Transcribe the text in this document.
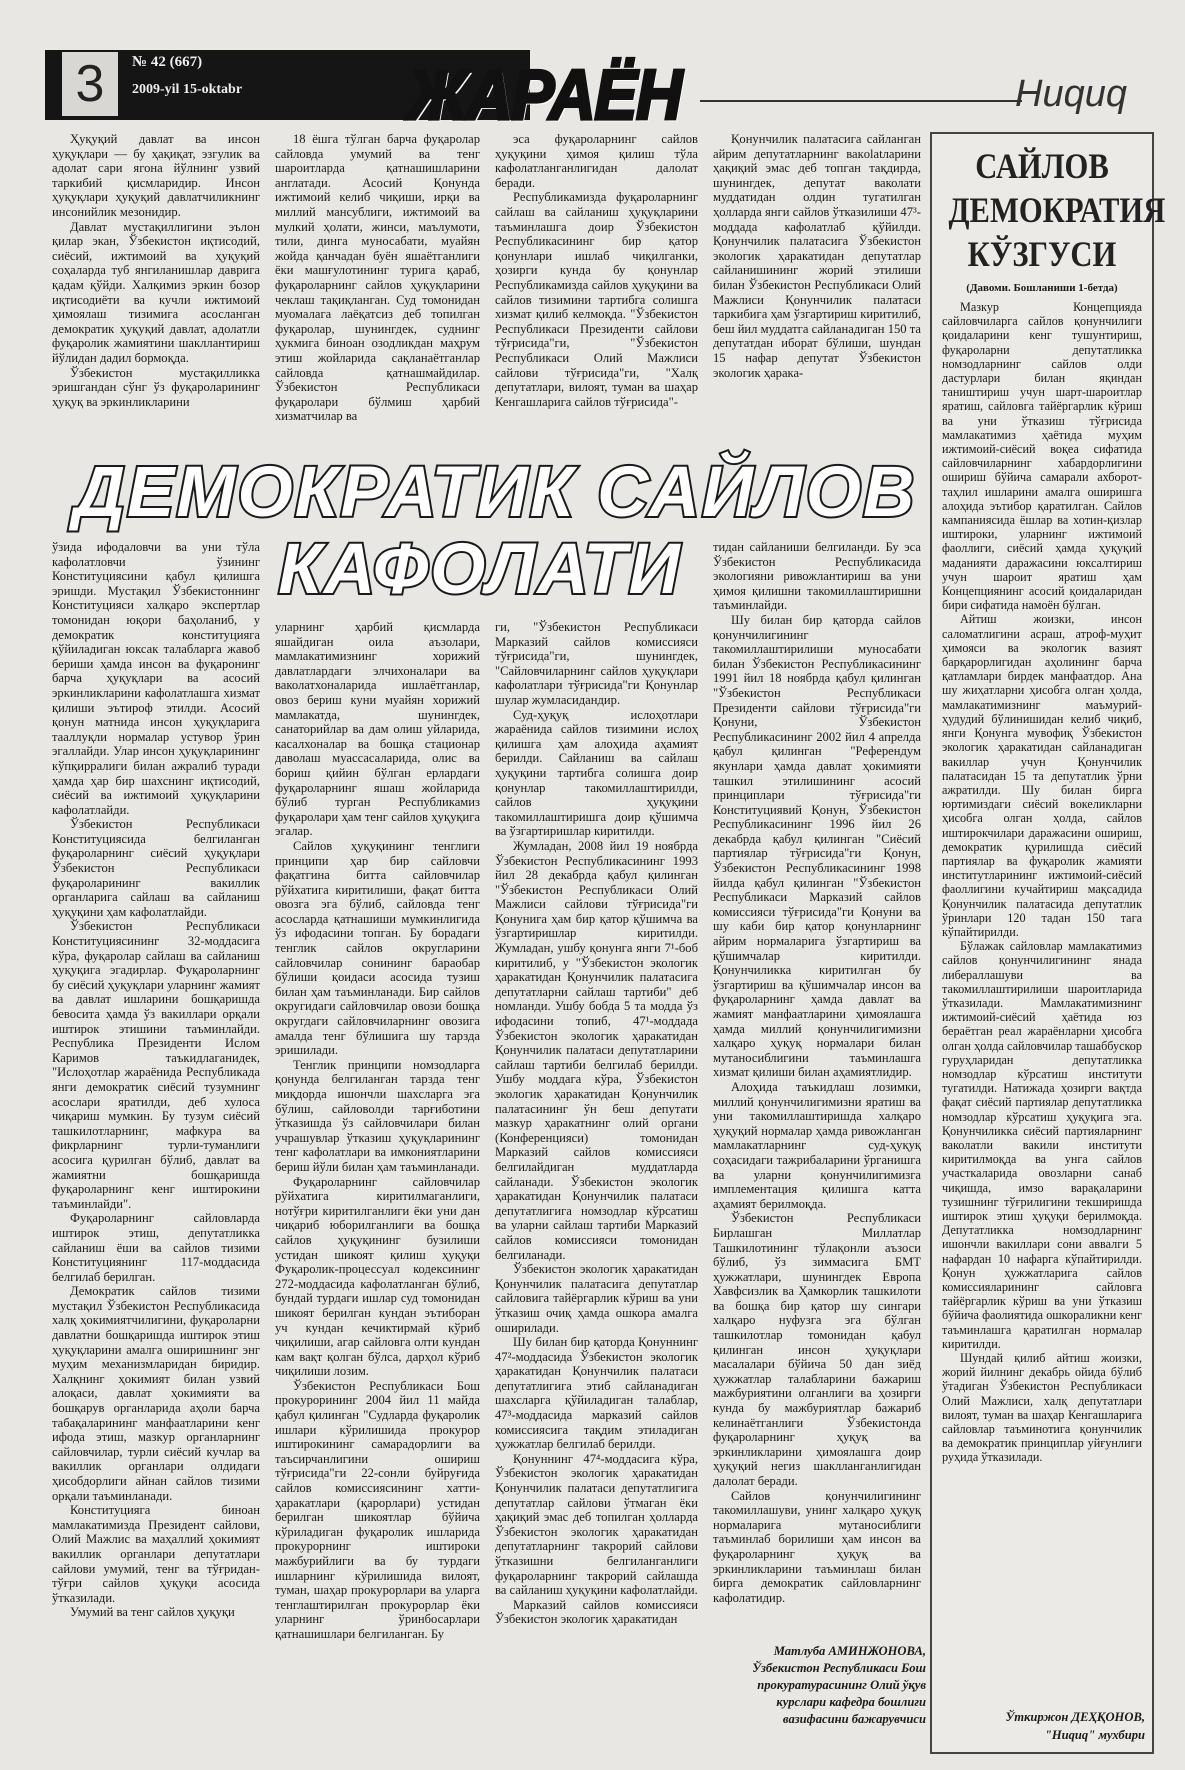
3	№ 42 (667)
2009-yil 15-oktabr	ЖАРАЁН	Ниqиq

Ҳуқуқий давлат ва инсон ҳуқуқлари — бу ҳақиқат, эзгулик ва адолат сари ягона йўлнинг узвий таркибий қисмларидир. Инсон ҳуқуқлари ҳуқуқий давлатчиликнинг инсонийлик мезонидир.

Давлат мустақиллигини эълон қилар экан, Ўзбекистон иқтисодий, сиёсий, ижтимоий ва ҳуқуқий соҳаларда туб янгиланишлар даврига қадам қўйди. Халқимиз эркин бозор иқтисодиёти ва кучли ижтимоий ҳимоялаш тизимига асосланган демократик ҳуқуқий давлат, адолатли фуқаролик жамиятини шакллантириш йўлидан дадил бормоқда.

Ўзбекистон мустақилликка эришгандан сўнг ўз фуқароларининг ҳуқуқ ва эркинликларини

18 ёшга тўлган барча фуқаролар сайловда умумий ва тенг шароитларда қатнашишларини англатади. Асосий Қонунда ижтимоий келиб чиқиши, ирқи ва миллий мансублиги, ижтимоий ва мулкий ҳолати, жинси, маълумоти, тили, динга муносабати, муайян жойда қанчадан буён яшаётганлиги ёки машғулотининг турига қараб, фуқароларнинг сайлов ҳуқуқларини чеклаш тақиқланган. Суд томонидан муомалага лаёқатсиз деб топилган фуқаролар, шунингдек, суднинг ҳукмига биноан озодликдан маҳрум этиш жойларида сақланаётганлар сайловда қатнашмайдилар. Ўзбекистон Республикаси фуқаролари бўлмиш ҳарбий хизматчилар ва

эса фуқароларнинг сайлов ҳуқуқини ҳимоя қилиш тўла кафолатланганлигидан далолат беради.

Республикамизда фуқароларнинг сайлаш ва сайланиш ҳуқуқларини таъминлашга доир Ўзбекистон Республикасининг бир қатор қонунлари ишлаб чиқилганки, ҳозирги кунда бу қонунлар Республикамизда сайлов ҳуқуқини ва сайлов тизимини тартибга солишга хизмат қилиб келмоқда. "Ўзбекистон Республикаси Президенти сайлови тўғрисида"ги, "Ўзбекистон Республикаси Олий Мажлиси сайлови тўғрисида"ги, "Халқ депутатлари, вилоят, туман ва шаҳар Кенгашларига сайлов тўғрисида"-

Қонунчилик палатасига сайланган айрим депутатларнинг вакolatларини ҳақиқий эмас деб топган тақдирда, шунингдек, депутат ваколати муддатидан олдин тугатилган ҳолларда янги сайлов ўтказилиши 47³-моддада кафолатлаб қўйилди. Қонунчилик палатасига Ўзбекистон экологик ҳаракатидан депутатлар сайланишининг жорий этилиши билан Ўзбекистон Республикаси Олий Мажлиси Қонунчилик палатаси таркибига ҳам ўзгартириш киритилиб, беш йил муддатга сайланадиган 150 та депутатдан иборат бўлиши, шундан 15 нафар депутат Ўзбекистон экологик ҳарака-

ДЕМОКРАТИК САЙЛОВ
КАФОЛАТИ

ўзида ифодаловчи ва уни тўла кафолатловчи ўзининг Конституциясини қабул қилишга эришди. Мустақил Ўзбекистоннинг Конституцияси халқаро экспертлар томонидан юқори баҳоланиб, у демократик конституцияга қўйиладиган юксак талабларга жавоб бериши ҳамда инсон ва фуқаронинг барча ҳуқуқлари ва асосий эркинликларини кафолатлашга хизмат қилиши эътироф этилди. Асосий қонун матнида инсон ҳуқуқларига тааллуқли нормалар устувор ўрин эгаллайди. Улар инсон ҳуқуқларининг кўпқирралиги билан ажралиб туради ҳамда ҳар бир шахснинг иқтисодий, сиёсий ва ижтимоий ҳуқуқларини кафолатлайди.

Ўзбекистон Республикаси Конституциясида белгиланган фуқароларнинг сиёсий ҳуқуқлари Ўзбекистон Республикаси фуқароларининг вакиллик органларига сайлаш ва сайланиш ҳуқуқини ҳам кафолатлайди.

Ўзбекистон Республикаси Конституциясининг 32-моддасига кўра, фуқаролар сайлаш ва сайланиш ҳуқуқига эгадирлар. Фуқароларнинг бу сиёсий ҳуқуқлари уларнинг жамият ва давлат ишларини бошқаришда бевосита ҳамда ўз вакиллари орқали иштирок этишини таъминлайди. Республика Президенти Ислом Каримов таъкидлаганидек, "Ислоҳотлар жараёнида Республикада янги демократик сиёсий тузумнинг асослари яратилди, деб хулоса чиқариш мумкин. Бу тузум сиёсий ташкилотларнинг, мафкура ва фикрларнинг турли-туманлиги асосига қурилган бўлиб, давлат ва жамиятни бошқаришда фуқароларнинг кенг иштирокини таъминлайди".

Фуқароларнинг сайловларда иштирок этиш, депутатликка сайланиш ёши ва сайлов тизими Конституциянинг 117-моддасида белгилаб берилган.

Демократик сайлов тизими мустақил Ўзбекистон Республикасида халқ ҳокимиятчилигини, фуқароларни давлатни бошқаришда иштирок этиш ҳуқуқларини амалга оширишнинг энг муҳим механизмларидан биридир. Халқнинг ҳокимият билан узвий алоқаси, давлат ҳокимияти ва бошқарув органларида аҳоли барча табақаларининг манфаатларини кенг ифода этиш, мазкур органларнинг сайловчилар, турли сиёсий кучлар ва вакиллик органлари олдидаги ҳисобдорлиги айнан сайлов тизими орқали таъминланади.

Конституцияга биноан мамлакатимизда Президент сайлови, Олий Мажлис ва маҳаллий ҳокимият вакиллик органлари депутатлари сайлови умумий, тенг ва тўғридан-тўғри сайлов ҳуқуқи асосида ўтказилади.

Умумий ва тенг сайлов ҳуқуқи

уларнинг ҳарбий қисмларда яшайдиган оила аъзолари, мамлакатимизнинг хорижий давлатлардаги элчихоналари ва ваколатхоналарида ишлаётганлар, овоз бериш куни муайян хорижий мамлакатда, шунингдек, санаторийлар ва дам олиш уйларида, касалхоналар ва бошқа стационар даволаш муассасаларида, олис ва бориш қийин бўлган ерлардаги фуқароларнинг яшаш жойларида бўлиб турган Республикамиз фуқаролари ҳам тенг сайлов ҳуқуқига эгалар.

Сайлов ҳуқуқининг тенглиги принципи ҳар бир сайловчи фақатгина битта сайловчилар рўйхатига киритилиши, фақат битта овозга эга бўлиб, сайловда тенг асосларда қатнашиши мумкинлигида ўз ифодасини топган. Бу борадаги тенглик сайлов округларини сайловчилар сонининг бараобар бўлиши қоидаси асосида тузиш билан ҳам таъминланади. Бир сайлов округидаги сайловчилар овози бошқа округдаги сайловчиларнинг овозига амалда тенг бўлишига шу тарзда эришилади.

Тенглик принципи номзодларга қонунда белгиланган тарзда тенг миқдорда ишончли шахсларга эга бўлиш, сайловолди тарғиботини ўтказишда ўз сайловчилари билан учрашувлар ўтказиш ҳуқуқларининг тенг кафолатлари ва имкониятларини бериш йўли билан ҳам таъминланади.

Фуқароларнинг сайловчилар рўйхатига киритилмаганлиги, нотўғри киритилганлиги ёки уни дан чиқариб юборилганлиги ва бошқа сайлов ҳуқуқининг бузилиши устидан шикоят қилиш ҳуқуқи Фуқаролик-процессуал кодексининг 272-моддасида кафолатланган бўлиб, бундай турдаги ишлар суд томонидан шикоят берилган кундан эътиборан уч кундан кечиктирмай кўриб чиқилиши, агар сайловга олти кундан кам вақт қолган бўлса, дарҳол кўриб чиқилиши лозим.

Ўзбекистон Республикаси Бош прокурорининг 2004 йил 11 майда қабул қилинган "Судларда фуқаролик ишлари кўрилишида прокурор иштирокининг самарадорлиги ва таъсирчанлигини ошириш тўғрисида"ги 22-сонли буйруғида сайлов комиссиясининг хатти-ҳаракатлари (қарорлари) устидан берилган шикоятлар бўйича кўриладиган фуқаролик ишларида прокурорнинг иштироки мажбурийлиги ва бу турдаги ишларнинг кўрилишида вилоят, туман, шаҳар прокурорлари ва уларга тенглаштирилган прокурорлар ёки уларнинг ўринбосарлари қатнашишлари белгиланган. Бу

ги, "Ўзбекистон Республикаси Марказий сайлов комиссияси тўғрисида"ги, шунингдек, "Сайловчиларнинг сайлов ҳуқуқлари кафолатлари тўғрисида"ги Қонунлар шулар жумласидандир.

Суд-ҳуқуқ ислоҳотлари жараёнида сайлов тизимини ислоҳ қилишга ҳам алоҳида аҳамият берилди. Сайланиш ва сайлаш ҳуқуқини тартибга солишга доир қонунлар такомиллаштирилди, сайлов ҳуқуқини такомиллаштиришга доир қўшимча ва ўзгартиришлар киритилди.

Жумладан, 2008 йил 19 ноябрда Ўзбекистон Республикасининг 1993 йил 28 декабрда қабул қилинган "Ўзбекистон Республикаси Олий Мажлиси сайлови тўғрисида"ги Қонунига ҳам бир қатор қўшимча ва ўзгартиришлар киритилди. Жумладан, ушбу қонунга янги 7¹-боб киритилиб, у "Ўзбекистон экологик ҳаракатидан Қонунчилик палатасига депутатларни сайлаш тартиби" деб номланди. Ушбу бобда 5 та модда ўз ифодасини топиб, 47¹-моддада Ўзбекистон экологик ҳаракатидан Қонунчилик палатаси депутатларини сайлаш тартиби белгилаб берилди. Ушбу моддага кўра, Ўзбекистон экологик ҳаракатидан Қонунчилик палатасининг ўн беш депутати мазкур ҳаракатнинг олий органи (Конференцияси) томонидан Марказий сайлов комиссияси белгилайдиган муддатларда сайланади. Ўзбекистон экологик ҳаракатидан Қонунчилик палатаси депутатлигига номзодлар кўрсатиш ва уларни сайлаш тартиби Марказий сайлов комиссияси томонидан белгиланади.

Ўзбекистон экологик ҳаракатидан Қонунчилик палатасига депутатлар сайловига тайёргарлик кўриш ва уни ўтказиш очиқ ҳамда ошкора амалга оширилади.

Шу билан бир қаторда Қонуннинг 47²-моддасида Ўзбекистон экологик ҳаракатидан Қонунчилик палатаси депутатлигига этиб сайланадиган шахсларга қўйиладиган талаблар, 47³-моддасида марказий сайлов комиссиясига тақдим этиладиган ҳужжатлар белгилаб берилди.

Қонуннинг 47⁴-моддасига кўра, Ўзбекистон экологик ҳаракатидан Қонунчилик палатаси депутатлигига депутатлар сайлови ўтмаган ёки ҳақиқий эмас деб топилган ҳолларда Ўзбекистон экологик ҳаракатидан депутатларнинг такрорий сайлови ўтказишни белгиланганлиги фуқароларнинг такрорий сайлашда ва сайланиш ҳуқуқини кафолатлайди.

Марказий сайлов комиссияси Ўзбекистон экологик ҳаракатидан

тидан сайланиши белгиланди. Бу эса Ўзбекистон Республикасида экологияни ривожлантириш ва уни ҳимоя қилишни такомиллаштиришни таъминлайди.

Шу билан бир қаторда сайлов қонунчилигининг такомиллаштирилиши муносабати билан Ўзбекистон Республикасининг 1991 йил 18 ноябрда қабул қилинган "Ўзбекистон Республикаси Президенти сайлови тўғрисида"ги Қонуни, Ўзбекистон Республикасининг 2002 йил 4 апрелда қабул қилинган "Референдум якунлари ҳамда давлат ҳокимияти ташкил этилишининг асосий принциплари тўғрисида"ги Конституциявий Қонун, Ўзбекистон Республикасининг 1996 йил 26 декабрда қабул қилинган "Сиёсий партиялар тўғрисида"ги Қонун, Ўзбекистон Республикасининг 1998 йилда қабул қилинган "Ўзбекистон Республикаси Марказий сайлов комиссияси тўғрисида"ги Қонуни ва шу каби бир қатор қонунларнинг айрим нормаларига ўзгартириш ва қўшимчалар киритилди. Қонунчиликка киритилган бу ўзгартириш ва қўшимчалар инсон ва фуқароларнинг ҳамда давлат ва жамият манфаатларини ҳимоялашга ҳамда миллий қонунчилигимизни халқаро ҳуқуқ нормалари билан мутаносиблигини таъминлашга хизмат қилиши билан аҳамиятлидир.

Алоҳида таъкидлаш лозимки, миллий қонунчилигимизни яратиш ва уни такомиллаштиришда халқаро ҳуқуқий нормалар ҳамда ривожланган мамлакатларнинг суд-ҳуқуқ соҳасидаги тажрибаларини ўрганишга ва уларни қонунчилигимизга имплементация қилишга катта аҳамият берилмоқда.

Ўзбекистон Республикаси Бирлашган Миллатлар Ташкилотининг тўлақонли аъзоси бўлиб, ўз зиммасига БМТ ҳужжатлари, шунингдек Европа Хавфсизлик ва Ҳамкорлик ташкилоти ва бошқа бир қатор шу сингари халқаро нуфузга эга бўлган ташкилотлар томонидан қабул қилинган инсон ҳуқуқлари масалалари бўйича 50 дан зиёд ҳужжатлар талабларини бажариш мажбуриятини олганлиги ва ҳозирги кунда бу мажбуриятлар бажариб келинаётганлиги Ўзбекистонда фуқароларнинг ҳуқуқ ва эркинликларини ҳимоялашга доир ҳуқуқий негиз шаклланганлигидан далолат беради.

Сайлов қонунчилигининг такомиллашуви, унинг халқаро ҳуқуқ нормаларига мутаносиблиги таъминлаб борилиши ҳам инсон ва фуқароларнинг ҳуқуқ ва эркинликларини таъминлаш билан бирга демократик сайловларнинг кафолатидир.

Матлуба АМИНЖОНОВА,
Ўзбекистон Республикаси Бош
прокуратурасининг Олий ўқув
курслари кафедра бошлиғи
вазифасини бажарувчиси
САЙЛОВ
ДЕМОКРАТИЯ
КЎЗГУСИ
(Давоми. Бошланиши 1-бетда)

Мазкур Концепцияда сайловчиларга сайлов қонунчилиги қоидаларини кенг тушунтириш, фуқароларни депутатликка номзодларнинг сайлов олди дастурлари билан яқиндан таништириш учун шарт-шароитлар яратиш, сайловга тайёргарлик кўриш ва уни ўтказиш тўғрисида мамлакатимиз ҳаётида муҳим ижтимоий-сиёсий воқеа сифатида сайловчиларнинг хабардорлигини ошириш бўйича самарали ахборот-таҳлил ишларини амалга оширишга алоҳида эътибор қаратилган. Сайлов кампаниясида ёшлар ва хотин-қизлар иштироки, уларнинг ижтимоий фаоллиги, сиёсий ҳамда ҳуқуқий маданияти даражасини юксалтириш учун шароит яратиш ҳам Концепциянинг асосий қоидаларидан бири сифатида намоён бўлган.

Айтиш жоизки, инсон саломатлигини асраш, атроф-муҳит ҳимояси ва экологик вазият барқарорлигидан аҳолининг барча қатламлари бирдек манфаатдор. Ана шу жиҳатларни ҳисобга олган ҳолда, мамлакатимизнинг маъмурий-ҳудудий бўлинишидан келиб чиқиб, янги Қонунга мувофиқ Ўзбекистон экологик ҳаракатидан сайланадиган вакиллар учун Қонунчилик палатасидан 15 та депутатлик ўрни ажратилди. Шу билан бирга юртимиздаги сиёсий вокеликларни ҳисобга олган ҳолда, сайлов иштирокчилари даражасини ошириш, демократик қурилишда сиёсий партиялар ва фуқаролик жамияти институтларининг ижтимоий-сиёсий фаоллигини кучайтириш мақсадида Қонунчилик палатасида депутатлик ўринлари 120 тадан 150 тага кўпайтирилди.

Бўлажак сайловлар мамлакатимиз сайлов қонунчилигининг янада либераллашуви ва такомиллаштирилиши шароитларида ўтказилади. Мамлакатимизнинг ижтимоий-сиёсий ҳаётида юз бераётган реал жараёнларни ҳисобга олган ҳолда сайловчилар ташаббускор гуруҳларидан депутатликка номзодлар кўрсатиш институти тугатилди. Натижада ҳозирги вақтда фақат сиёсий партиялар депутатликка номзодлар кўрсатиш ҳуқуқига эга. Қонунчиликка сиёсий партияларнинг ваколатли вакили институти киритилмоқда ва унга сайлов участкаларида овозларни санаб чиқишда, имзо варақаларини тузишнинг тўғрилигини текширишда иштирок этиш ҳуқуқи берилмоқда. Депутатликка номзодларнинг ишончли вакиллари сони аввалги 5 нафардан 10 нафарга кўпайтирилди. Қонун ҳужжатларига сайлов комиссияларининг сайловга тайёргарлик кўриш ва уни ўтказиш бўйича фаолиятида ошкораликни кенг таъминлашга қаратилган нормалар киритилди.

Шундай қилиб айтиш жоизки, жорий йилнинг декабрь ойида бўлиб ўтадиган Ўзбекистон Республикаси Олий Мажлиси, халқ депутатлари вилоят, туман ва шаҳар Кенгашларига сайловлар таъминотига қонунчилик ва демократик принциплар уйғунлиги руҳида ўтказилади.

Ўткиржон ДЕҲҚОНОВ,
"Ниqиq" мухбири
